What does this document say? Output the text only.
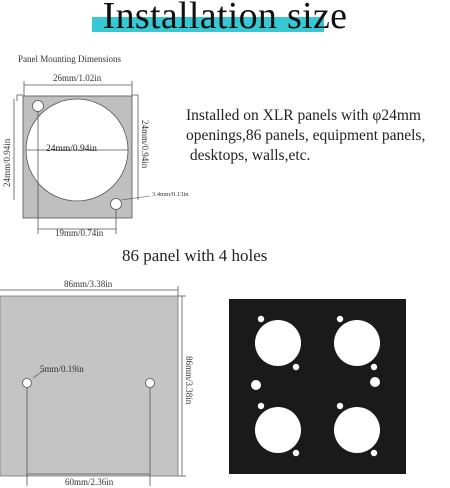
Installation size
Panel Mounting Dimensions
26mm/1.02in
24mm/0.94in
24mm/0.94in	24mm/0.94in
3.4mm/0.13in
19mm/0.74in
Installed on XLR panels with φ24mm
openings,86 panels, equipment panels,
desktops, walls,etc.
86 panel with 4 holes
86mm/3.38in
86mm/3.38in
5mm/0.19in
60mm/2.36in
